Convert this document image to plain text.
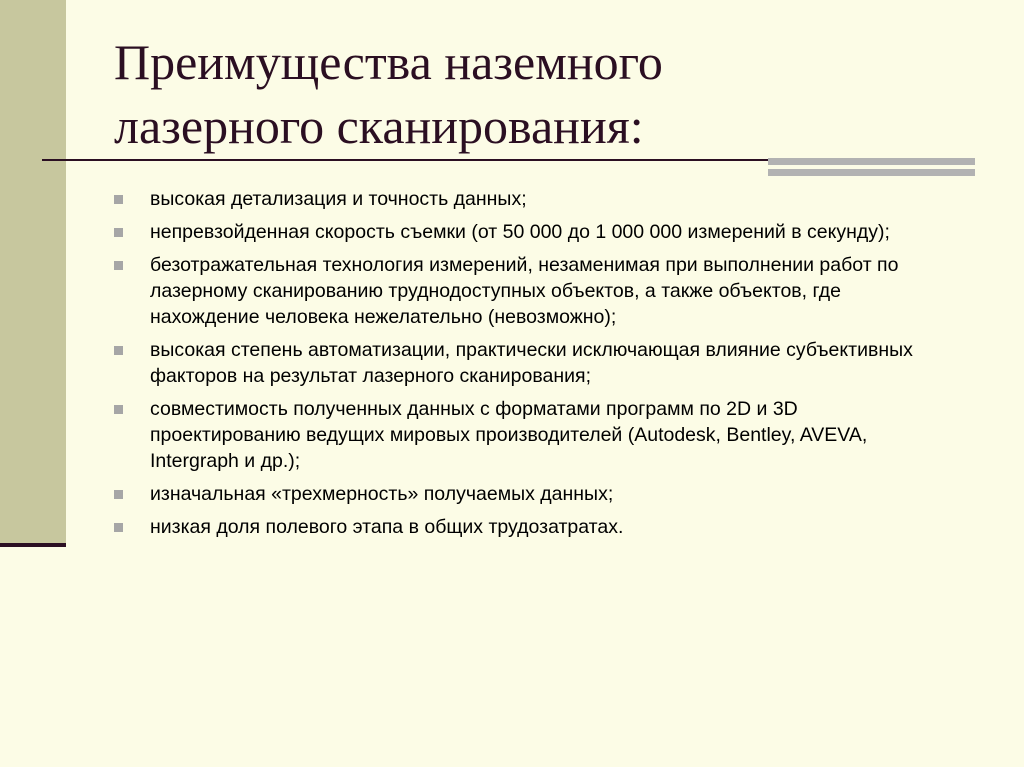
Преимущества наземного
лазерного сканирования:
высокая детализация и точность данных;
непревзойденная скорость съемки (от 50 000 до 1 000 000 измерений в секунду);
безотражательная технология измерений, незаменимая при выполнении работ по лазерному сканированию труднодоступных объектов, а также объектов, где нахождение человека нежелательно (невозможно);
высокая степень автоматизации, практически исключающая влияние субъективных факторов на результат лазерного сканирования;
совместимость полученных данных с форматами программ по 2D и 3D проектированию ведущих мировых производителей (Autodesk, Bentley, AVEVA, Intergraph и др.);
изначальная «трехмерность» получаемых данных;
низкая доля полевого этапа в общих трудозатратах.
